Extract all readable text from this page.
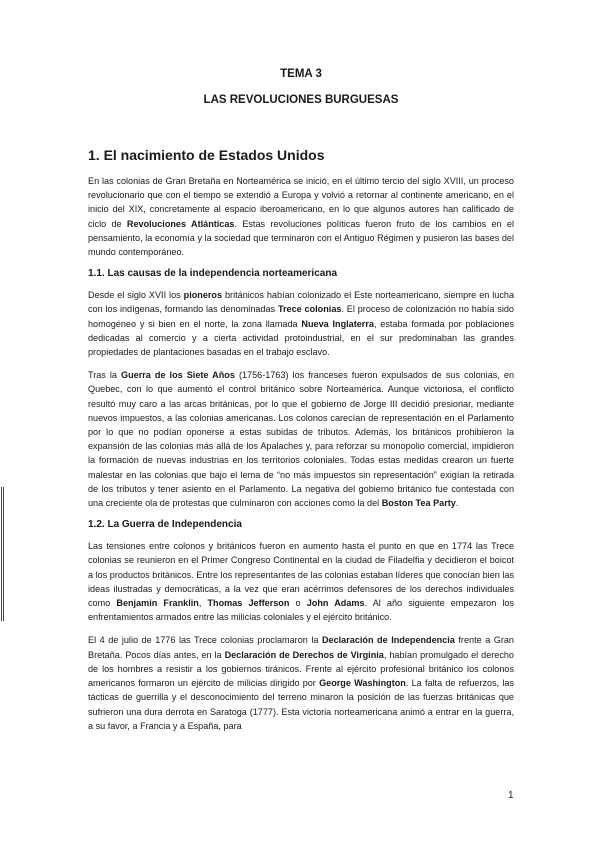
TEMA 3
LAS REVOLUCIONES BURGUESAS
1. El nacimiento de Estados Unidos

En las colonias de Gran Bretaña en Norteamérica se inició, en el último tercio del siglo XVIII, un proceso revolucionario que con el tiempo se extendió a Europa y volvió a retornar al continente americano, en el inicio del XIX, concretamente al espacio iberoamericano, en lo que algunos autores han calificado de ciclo de Revoluciones Atlánticas. Estas revoluciones políticas fueron fruto de los cambios en el pensamiento, la economía y la sociedad que terminaron con el Antiguo Régimen y pusieron las bases del mundo contemporáneo.

1.1. Las causas de la independencia norteamericana

Desde el siglo XVII los pioneros británicos habían colonizado el Este norteamericano, siempre en lucha con los indígenas, formando las denominadas Trece colonias. El proceso de colonización no había sido homogéneo y si bien en el norte, la zona llamada Nueva Inglaterra, estaba formada por poblaciones dedicadas al comercio y a cierta actividad protoindustrial, en el sur predominaban las grandes propiedades de plantaciones basadas en el trabajo esclavo.

Tras la Guerra de los Siete Años (1756-1763) los franceses fueron expulsados de sus colonias, en Quebec, con lo que aumentó el control británico sobre Norteamérica. Aunque victoriosa, el conflicto resultó muy caro a las arcas británicas, por lo que el gobierno de Jorge III decidió presionar, mediante nuevos impuestos, a las colonias americanas. Los colonos carecían de representación en el Parlamento por lo que no podían oponerse a estas subidas de tributos. Además, los británicos prohibieron la expansión de las colonias más allá de los Apalaches y, para reforzar su monopolio comercial, impidieron la formación de nuevas industrias en los territorios coloniales. Todas estas medidas crearon un fuerte malestar en las colonias que bajo el lema de “no más impuestos sin representación” exigían la retirada de los tributos y tener asiento en el Parlamento. La negativa del gobierno británico fue contestada con una creciente ola de protestas que culminaron con acciones como la del Boston Tea Party.

1.2. La Guerra de Independencia

Las tensiones entre colonos y británicos fueron en aumento hasta el punto en que en 1774 las Trece colonias se reunieron en el Primer Congreso Continental en la ciudad de Filadelfia y decidieron el boicot a los productos británicos. Entre los representantes de las colonias estaban líderes que conocían bien las ideas ilustradas y democráticas, a la vez que eran acérrimos defensores de los derechos individuales como Benjamin Franklin, Thomas Jefferson o John Adams. Al año siguiente empezaron los enfrentamientos armados entre las milicias coloniales y el ejército británico.

El 4 de julio de 1776 las Trece colonias proclamaron la Declaración de Independencia frente a Gran Bretaña. Pocos días antes, en la Declaración de Derechos de Virginia, habían promulgado el derecho de los hombres a resistir a los gobiernos tiránicos. Frente al ejército profesional británico los colonos americanos formaron un ejército de milicias dirigido por George Washington. La falta de refuerzos, las tácticas de guerrilla y el desconocimiento del terreno minaron la posición de las fuerzas británicas que sufrieron una dura derrota en Saratoga (1777). Esta victoria norteamericana animó a entrar en la guerra, a su favor, a Francia y a España, para

1
